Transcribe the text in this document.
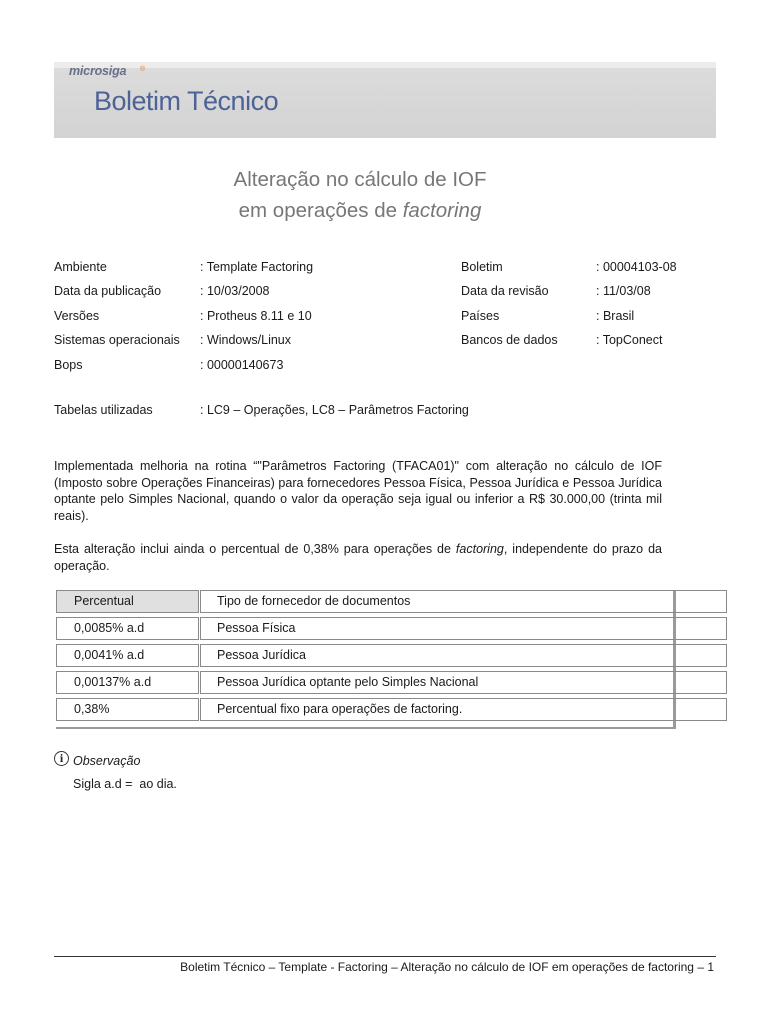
microsiga ®
Boletim Técnico
Alteração no cálculo de IOF
em operações de factoring
Ambiente	: Template Factoring
Data da publicação	: 10/03/2008
Versões	: Protheus 8.11 e 10
Sistemas operacionais : Windows/Linux
Bops	: 00000140673
Boletim	: 00004103-08
Data da revisão	: 11/03/08
Países	: Brasil
Bancos de dados	: TopConect
Tabelas utilizadas	: LC9 – Operações, LC8 – Parâmetros Factoring
Implementada melhoria na rotina “"Parâmetros Factoring (TFACA01)" com alteração no cálculo de IOF (Imposto sobre Operações Financeiras) para fornecedores Pessoa Física, Pessoa Jurídica e Pessoa Jurídica optante pelo Simples Nacional, quando o valor da operação seja igual ou inferior a R$ 30.000,00 (trinta mil reais).
Esta alteração inclui ainda o percentual de 0,38% para operações de factoring, independente do prazo da operação.
Percentual	Tipo de fornecedor de documentos
0,0085% a.d	Pessoa Física
0,0041% a.d	Pessoa Jurídica
0,00137% a.d	Pessoa Jurídica optante pelo Simples Nacional
0,38%	Percentual fixo para operações de factoring.
i Observação
Sigla a.d =  ao dia.
Boletim Técnico – Template - Factoring – Alteração no cálculo de IOF em operações de factoring – 1
